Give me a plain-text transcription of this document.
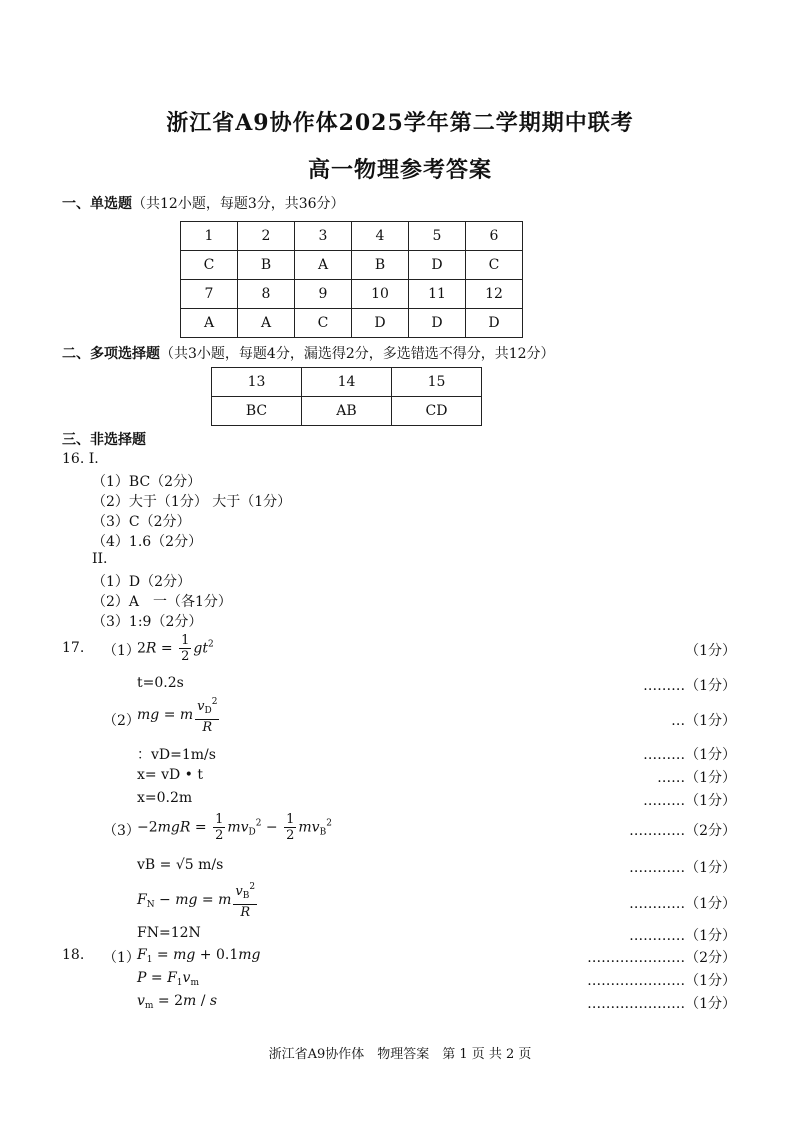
浙江省A9协作体2025学年第二学期期中联考
高一物理参考答案
一、单选题（共12小题，每题3分，共36分）
1	2	3	4	5	6
C	B	A	B	D	C
7	8	9	10	11	12
A	A	C	D	D	D
二、多项选择题（共3小题，每题4分，漏选得2分，多选错选不得分，共12分）
13	14	15
BC	AB	CD
三、非选择题
16. I.
（1）BC（2分）
（2）大于（1分） 大于（1分）
（3）C（2分）
（4）1.6（2分）
II.
（1）D（2分）
（2）A　一（各1分）
（3）1:9（2分）
17. （1）
$2R = \frac{1}{2} gt^2$	（1分）
t=0.2s	………（1分）
（2）
mg = m $\frac{v_D^2}{R}$	…（1分）
：vD=1m/s	………（1分）
x= vD • t	……（1分）
x=0.2m	………（1分）
（3）
$-2mgR = \frac{1}{2} mv_D^2 - \frac{1}{2} mv_B^2$	…………（2分）
vB = √5 m/s	…………（1分）
$F_N$ − mg = m $\frac{v_B^2}{R}$	…………（1分）
FN=12N	…………（1分）
18. （1）
$F_1$ = mg + 0.1mg	…………………（2分）
$P = F_1v_m$	…………………（1分）
$v_m = 2m / s$	…………………（1分）
浙江省A9协作体　物理答案　第 1 页 共 2 页
